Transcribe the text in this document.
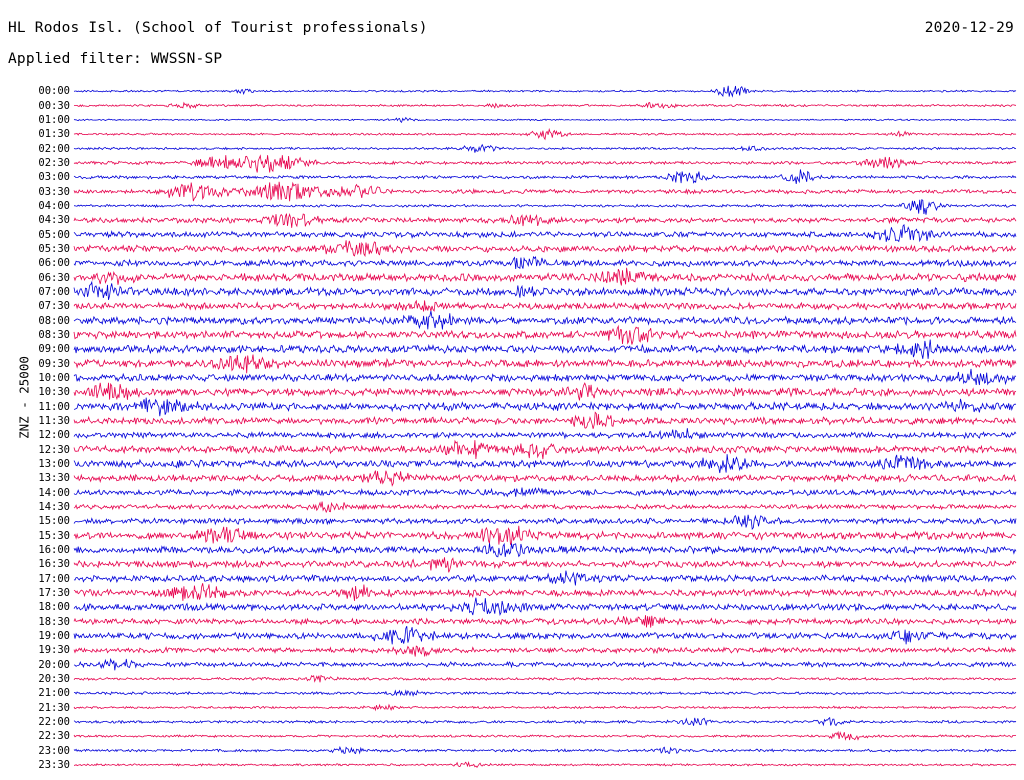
HL Rodos Isl. (School of Tourist professionals)
Applied filter: WWSSN-SP
2020-12-29
ZNZ - 25000
00:00
00:30
01:00
01:30
02:00
02:30
03:00
03:30
04:00
04:30
05:00
05:30
06:00
06:30
07:00
07:30
08:00
08:30
09:00
09:30
10:00
10:30
11:00
11:30
12:00
12:30
13:00
13:30
14:00
14:30
15:00
15:30
16:00
16:30
17:00
17:30
18:00
18:30
19:00
19:30
20:00
20:30
21:00
21:30
22:00
22:30
23:00
23:30
